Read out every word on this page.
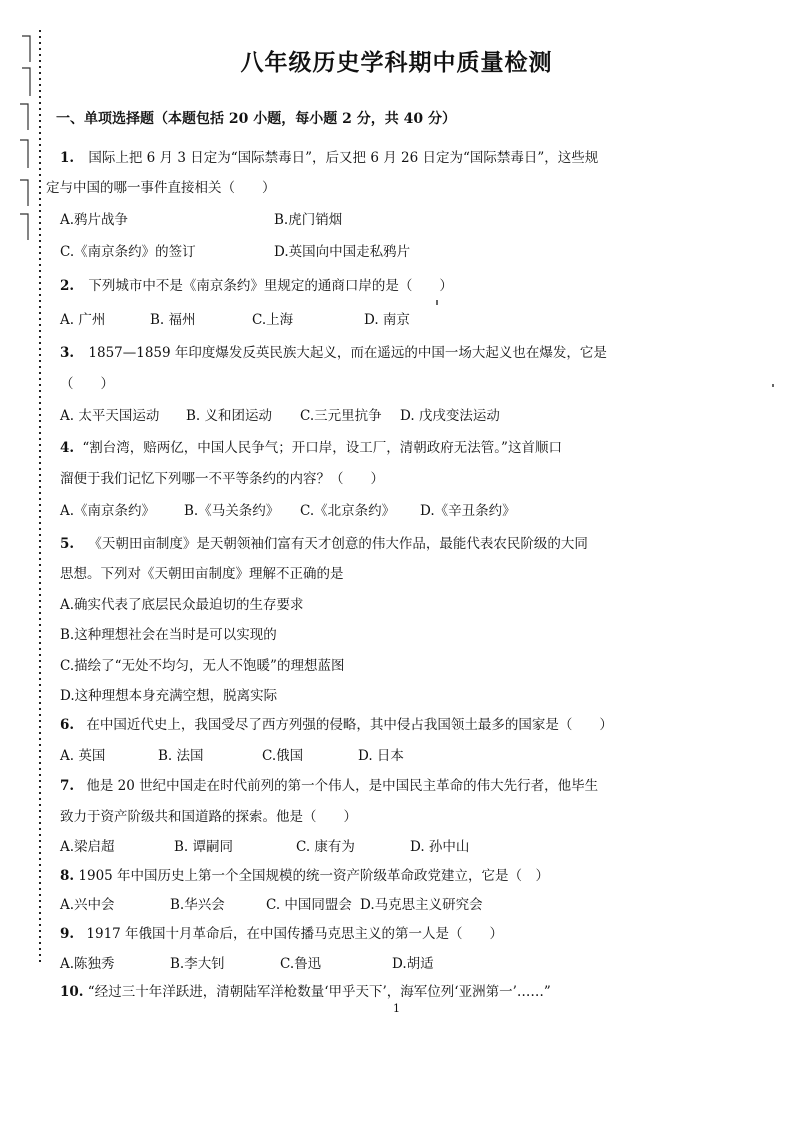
八年级历史学科期中质量检测
一、单项选择题（本题包括 20 小题，每小题 2 分，共 40 分）
1. 国际上把 6 月 3 日定为“国际禁毒日”，后又把 6 月 26 日定为“国际禁毒日”，这些规
定与中国的哪一事件直接相关（　　）
A.鸦片战争	B.虎门销烟
C.《南京条约》的签订	D.英国向中国走私鸦片
2. 下列城市中不是《南京条约》里规定的通商口岸的是（　　）
A. 广州	B. 福州	C.上海	D. 南京
3. 1857—1859 年印度爆发反英民族大起义，而在遥远的中国一场大起义也在爆发，它是
（　　）
A. 太平天国运动 B. 义和团运动 C.三元里抗争 D. 戊戌变法运动
4. “割台湾，赔两亿，中国人民争气；开口岸，设工厂，清朝政府无法管。”这首顺口
溜便于我们记忆下列哪一不平等条约的内容？（　　）
A.《南京条约》 B.《马关条约》 C.《北京条约》 D.《辛丑条约》
5. 《天朝田亩制度》是天朝领袖们富有天才创意的伟大作品，最能代表农民阶级的大同
思想。下列对《天朝田亩制度》理解不正确的是
A.确实代表了底层民众最迫切的生存要求
B.这种理想社会在当时是可以实现的
C.描绘了“无处不均匀，无人不饱暖”的理想蓝图
D.这种理想本身充满空想，脱离实际
6. 在中国近代史上，我国受尽了西方列强的侵略，其中侵占我国领土最多的国家是（　　）
A. 英国	B. 法国	C.俄国	D. 日本
7. 他是 20 世纪中国走在时代前列的第一个伟人，是中国民主革命的伟大先行者，他毕生
致力于资产阶级共和国道路的探索。他是（　　）
A.梁启超	B. 谭嗣同	C. 康有为	D. 孙中山
8. 1905 年中国历史上第一个全国规模的统一资产阶级革命政党建立，它是（　）
A.兴中会	B.华兴会	C. 中国同盟会 D.马克思主义研究会
9. 1917 年俄国十月革命后，在中国传播马克思主义的第一人是（　　）
A.陈独秀	B.李大钊	C.鲁迅	D.胡适
10. “经过三十年洋跃进，清朝陆军洋枪数量‘甲乎天下’，海军位列‘亚洲第一’……”
1
